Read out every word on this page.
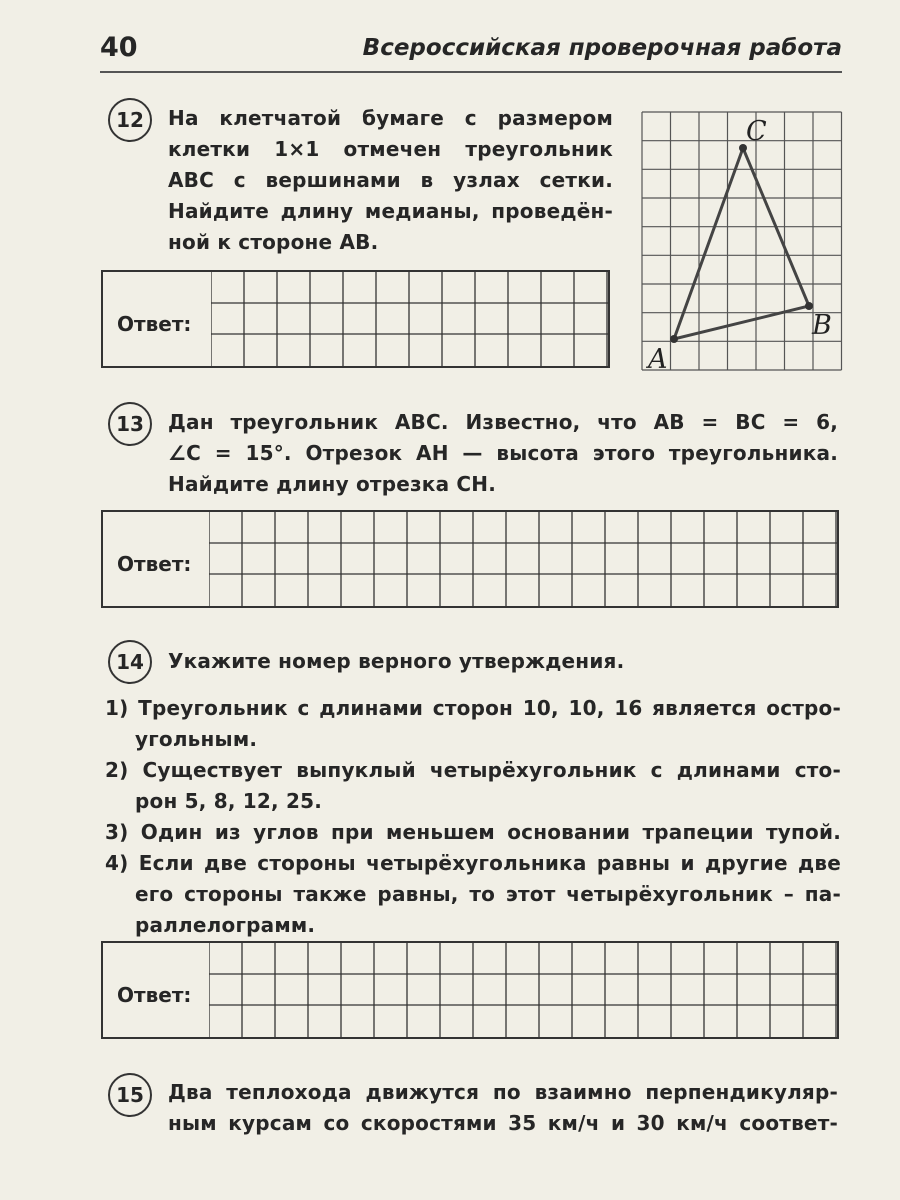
40	Всероссийская проверочная работа
12	На клетчатой бумаге с размером
клетки 1×1 отмечен треугольник
ABC с вершинами в узлах сетки.
Найдите длину медианы, проведён-
ной к стороне AB.
A
B
C
Ответ:
13	Дан треугольник ABC. Известно, что AB = BC = 6,
∠C = 15°. Отрезок AH — высота этого треугольника.
Найдите длину отрезка CH.
Ответ:
14	Укажите номер верного утверждения.
1) Треугольник с длинами сторон 10, 10, 16 является остро-
угольным.
2) Существует выпуклый четырёхугольник с длинами сто-
рон 5, 8, 12, 25.
3) Один из углов при меньшем основании трапеции тупой.
4) Если две стороны четырёхугольника равны и другие две
его стороны также равны, то этот четырёхугольник – па-
раллелограмм.
Ответ:
15	Два теплохода движутся по взаимно перпендикуляр-
ным курсам со скоростями 35 км/ч и 30 км/ч соответ-
